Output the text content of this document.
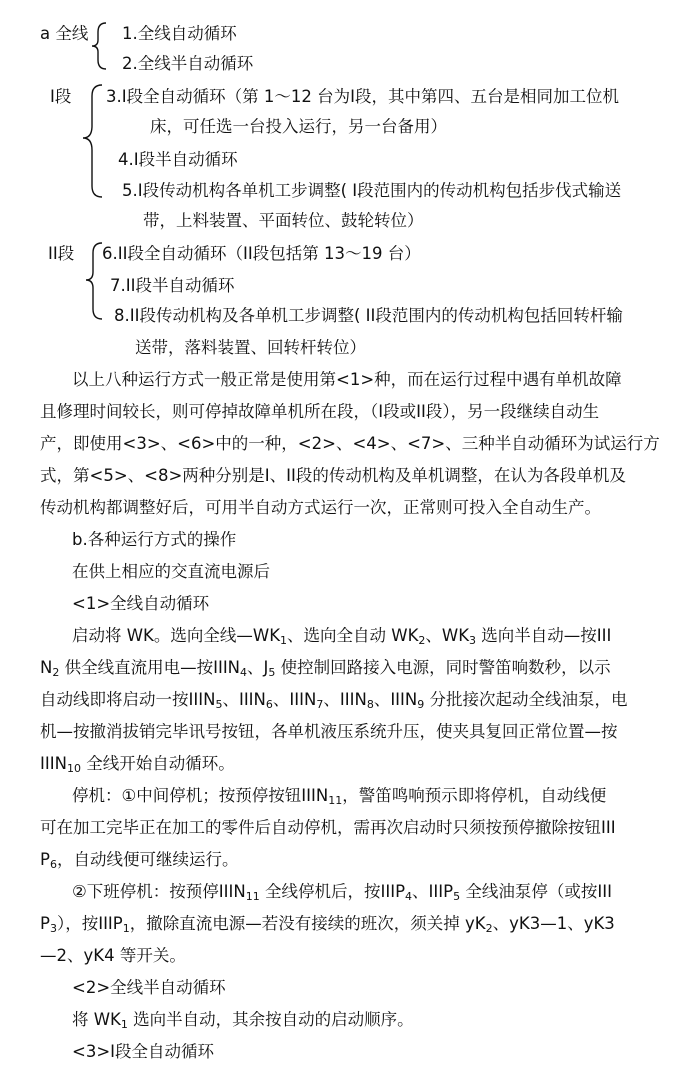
a 全线 1.全线自动循环
2.全线半自动循环
I段 3.I段全自动循环（第 1～12 台为I段，其中第四、五台是相同加工位机
床，可任选一台投入运行，另一台备用）
4.I段半自动循环
5.I段传动机构各单机工步调整( I段范围内的传动机构包括步伐式输送
带，上料装置、平面转位、鼓轮转位）
II段 6.II段全自动循环（II段包括第 13～19 台）
7.II段半自动循环
8.II段传动机构及各单机工步调整( II段范围内的传动机构包括回转杆输
送带，落料装置、回转杆转位）
以上八种运行方式一般正常是使用第<1>种，而在运行过程中遇有单机故障
且修理时间较长，则可停掉故障单机所在段，（I段或II段），另一段继续自动生
产，即使用<3>、<6>中的一种，<2>、<4>、<7>、三种半自动循环为试运行方
式，第<5>、<8>两种分别是I、II段的传动机构及单机调整，在认为各段单机及
传动机构都调整好后，可用半自动方式运行一次，正常则可投入全自动生产。
b.各种运行方式的操作
在供上相应的交直流电源后
<1>全线自动循环
启动将 WK。选向全线$—WK_1$、选向全自动 $WK_2$、$WK_3$ 选向半自动—按III
$N_2$ 供全线直流用电—按$IIIN_4$、$J_5$ 使控制回路接入电源，同时警笛响数秒，以示
自动线即将启动一按$IIIN_5$、$IIIN_6$、$IIIN_7$、$IIIN_8$、$IIIN_9$ 分批接次起动全线油泵，电
机—按撤消拔销完毕讯号按钮，各单机液压系统升压，使夹具复回正常位置—按
$IIIN_{10}$ 全线开始自动循环。
停机：①中间停机；按预停按钮$IIIN_{11}$，警笛鸣响预示即将停机，自动线便
可在加工完毕正在加工的零件后自动停机，需再次启动时只须按预停撤除按钮III
$P_6$，自动线便可继续运行。
②下班停机：按预停$IIIN_{11}$ 全线停机后，按$IIIP_4$、$IIIP_5$ 全线油泵停（或按III
$P_3$），按$IIIP_1$，撤除直流电源—若没有接续的班次，须关掉 $yK_2$、yK3—1、yK3
—2、yK4 等开关。
<2>全线半自动循环
将 $WK_1$ 选向半自动，其余按自动的启动顺序。
<3>I段全自动循环
